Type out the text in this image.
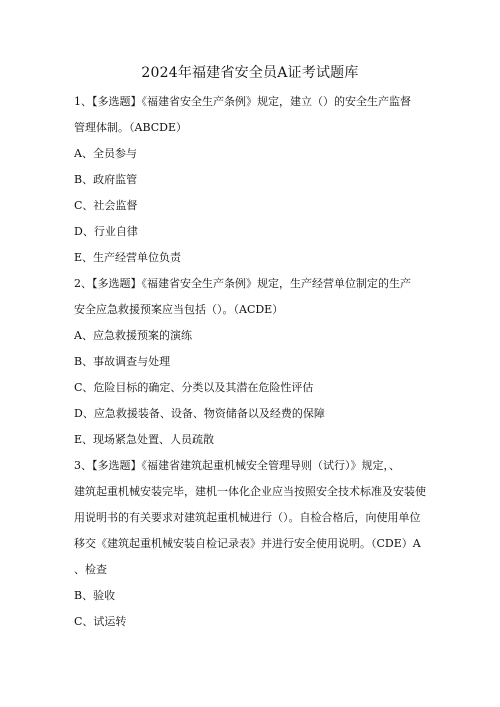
2024年福建省安全员A证考试题库
1、【多选题】《福建省安全生产条例》规定，建立（）的安全生产监督
管理体制。（ABCDE）
A、全员参与
B、政府监管
C、社会监督
D、行业自律
E、生产经营单位负责
2、【多选题】《福建省安全生产条例》规定，生产经营单位制定的生产
安全应急救援预案应当包括（）。（ACDE）
A、应急救援预案的演练
B、事故调查与处理
C、危险目标的确定、分类以及其潜在危险性评估
D、应急救援装备、设备、物资储备以及经费的保障
E、现场紧急处置、人员疏散
3、【多选题】《福建省建筑起重机械安全管理导则（试行）》规定，、
建筑起重机械安装完毕，建机一体化企业应当按照安全技术标准及安装使
用说明书的有关要求对建筑起重机械进行（）。自检合格后，向使用单位
移交《建筑起重机械安装自检记录表》并进行安全使用说明。（CDE）A
、检查
B、验收
C、试运转
